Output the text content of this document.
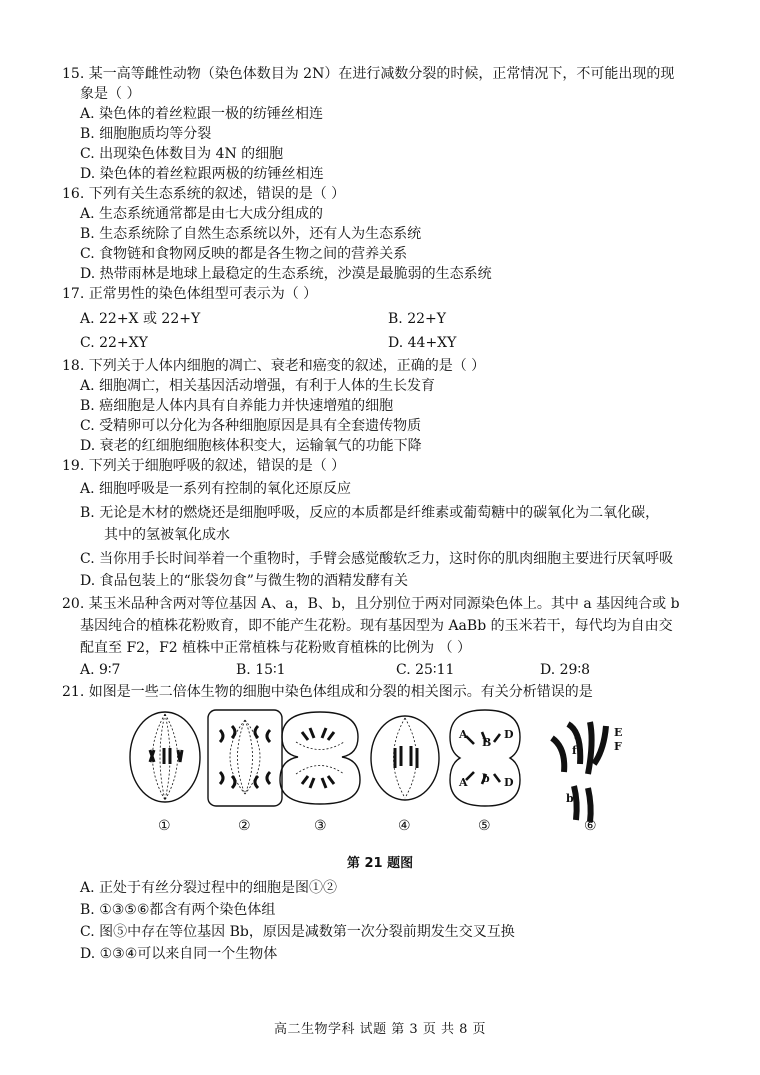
15. 某一高等雌性动物（染色体数目为 2N）在进行减数分裂的时候，正常情况下，不可能出现的现
象是（ ）
A. 染色体的着丝粒跟一极的纺锤丝相连
B. 细胞胞质均等分裂
C. 出现染色体数目为 4N 的细胞
D. 染色体的着丝粒跟两极的纺锤丝相连
16. 下列有关生态系统的叙述，错误的是（ ）
A. 生态系统通常都是由七大成分组成的
B. 生态系统除了自然生态系统以外，还有人为生态系统
C. 食物链和食物网反映的都是各生物之间的营养关系
D. 热带雨林是地球上最稳定的生态系统，沙漠是最脆弱的生态系统
17. 正常男性的染色体组型可表示为（ ）
A. 22+X 或 22+Y	B. 22+Y
C. 22+XY	D. 44+XY
18. 下列关于人体内细胞的凋亡、衰老和癌变的叙述，正确的是（ ）
A. 细胞凋亡，相关基因活动增强，有利于人体的生长发育
B. 癌细胞是人体内具有自养能力并快速增殖的细胞
C. 受精卵可以分化为各种细胞原因是具有全套遗传物质
D. 衰老的红细胞细胞核体积变大，运输氧气的功能下降
19. 下列关于细胞呼吸的叙述，错误的是（ ）
A. 细胞呼吸是一系列有控制的氧化还原反应
B. 无论是木材的燃烧还是细胞呼吸，反应的本质都是纤维素或葡萄糖中的碳氧化为二氧化碳，
其中的氢被氧化成水
C. 当你用手长时间举着一个重物时，手臂会感觉酸软乏力，这时你的肌肉细胞主要进行厌氧呼吸
D. 食品包装上的“胀袋勿食”与微生物的酒精发酵有关
20. 某玉米品种含两对等位基因 A、a，B、b，且分别位于两对同源染色体上。其中 a 基因纯合或 b
基因纯合的植株花粉败育，即不能产生花粉。现有基因型为 AaBb 的玉米若干，每代均为自由交
配直至 F2，F2 植株中正常植株与花粉败育植株的比例为 （ ）
A. 9∶7	B. 15∶1	C. 25∶11	D. 29∶8
21. 如图是一些二倍体生物的细胞中染色体组成和分裂的相关图示。有关分析错误的是
A
B
D
A b D
e	E
F
f
b
①	②	③	④	⑤	⑥
第 21 题图
A. 正处于有丝分裂过程中的细胞是图①②
B. ①③⑤⑥都含有两个染色体组
C. 图⑤中存在等位基因 Bb，原因是减数第一次分裂前期发生交叉互换
D. ①③④可以来自同一个生物体
高二生物学科 试题 第 3 页 共 8 页
